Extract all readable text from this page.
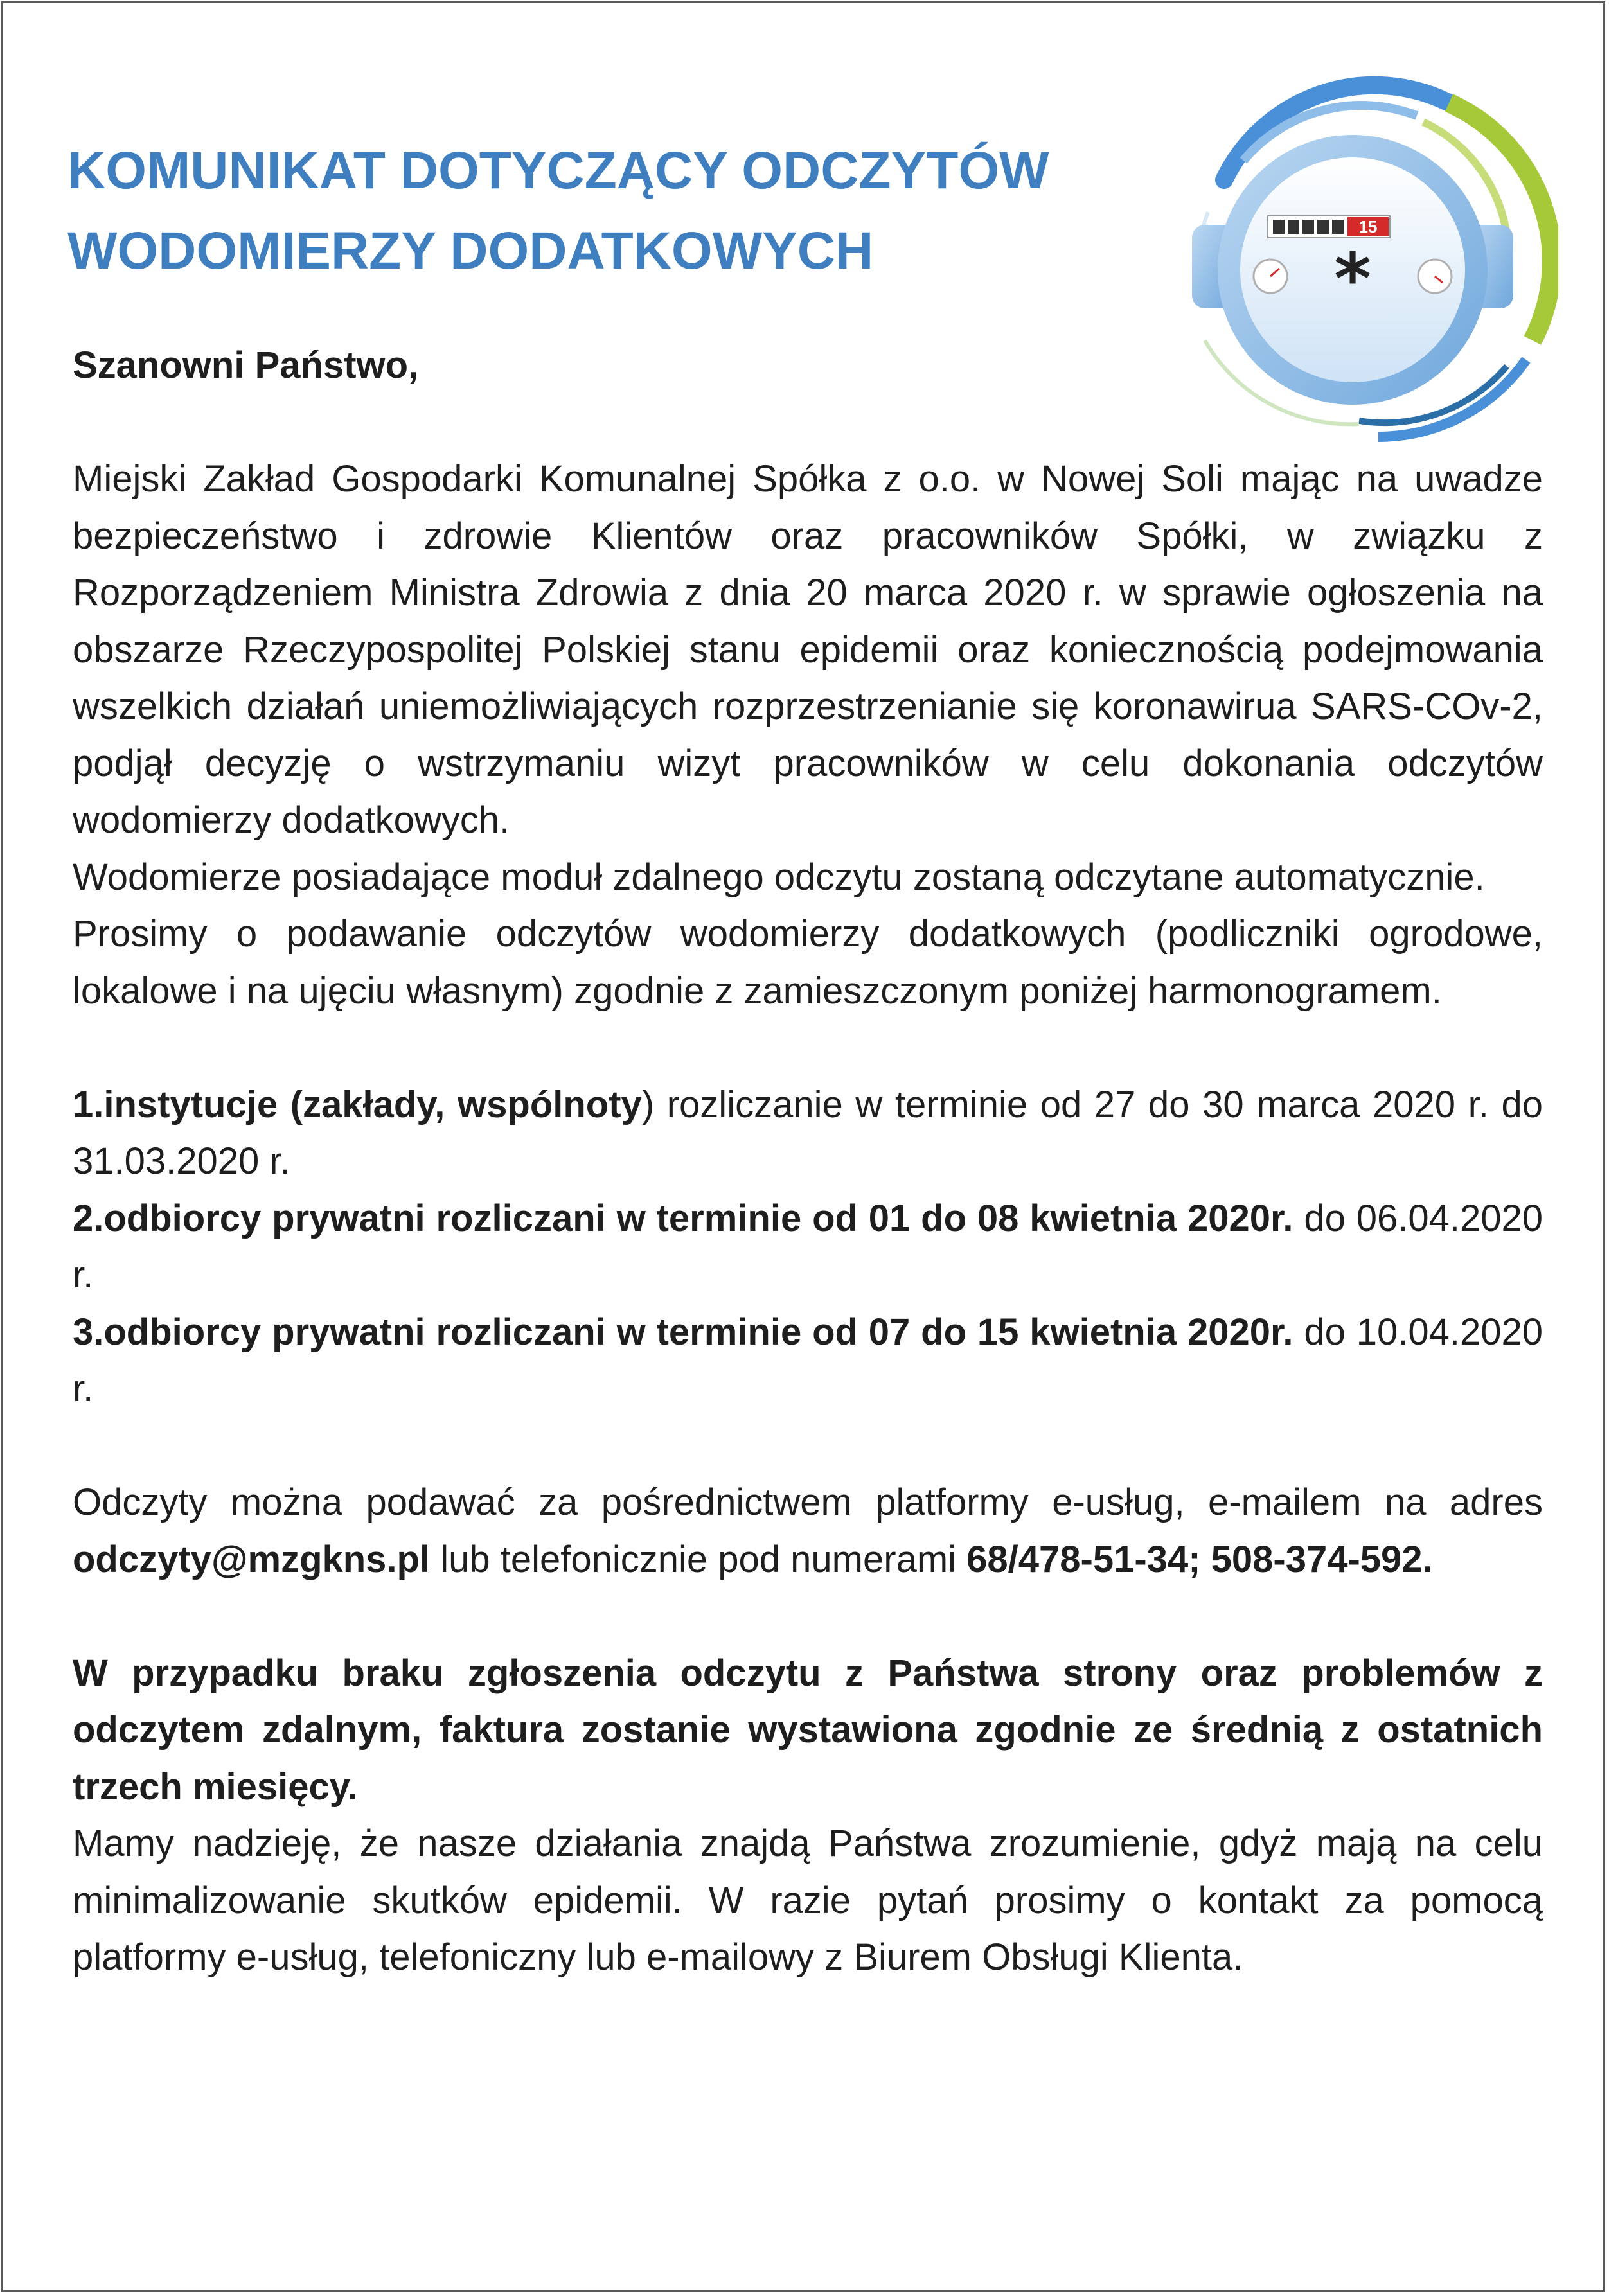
KOMUNIKAT DOTYCZĄCY ODCZYTÓW
WODOMIERZY DODATKOWYCH	15
*

Szanowni Państwo,

Miejski Zakład Gospodarki Komunalnej Spółka z o.o. w Nowej Soli mając na uwadze bezpieczeństwo i zdrowie Klientów oraz pracowników Spółki, w związku z Rozporządzeniem Ministra Zdrowia z dnia 20 marca 2020 r. w sprawie ogłoszenia na obszarze Rzeczypospolitej Polskiej stanu epidemii oraz koniecznością podejmowania wszelkich działań uniemożliwiających rozprzestrzenianie się koronawirua SARS-COv-2, podjął decyzję o wstrzymaniu wizyt pracowników w celu dokonania odczytów wodomierzy dodatkowych.

Wodomierze posiadające moduł zdalnego odczytu zostaną odczytane automatycznie.

Prosimy o podawanie odczytów wodomierzy dodatkowych (podliczniki ogrodowe, lokalowe i na ujęciu własnym) zgodnie z zamieszczonym poniżej harmonogramem.

1.instytucje (zakłady, wspólnoty) rozliczanie w terminie od 27 do 30 marca 2020 r. do 31.03.2020 r.

2.odbiorcy prywatni rozliczani w terminie od 01 do 08 kwietnia 2020r. do 06.04.2020 r.

3.odbiorcy prywatni rozliczani w terminie od 07 do 15 kwietnia 2020r. do 10.04.2020 r.

Odczyty można podawać za pośrednictwem platformy e-usług, e-mailem na adres odczyty@mzgkns.pl lub telefonicznie pod numerami 68/478-51-34; 508-374-592.

W przypadku braku zgłoszenia odczytu z Państwa strony oraz problemów z odczytem zdalnym, faktura zostanie wystawiona zgodnie ze średnią z ostatnich trzech miesięcy.

Mamy nadzieję, że nasze działania znajdą Państwa zrozumienie, gdyż mają na celu minimalizowanie skutków epidemii. W razie pytań prosimy o kontakt za pomocą platformy e-usług, telefoniczny lub e-mailowy z Biurem Obsługi Klienta.
